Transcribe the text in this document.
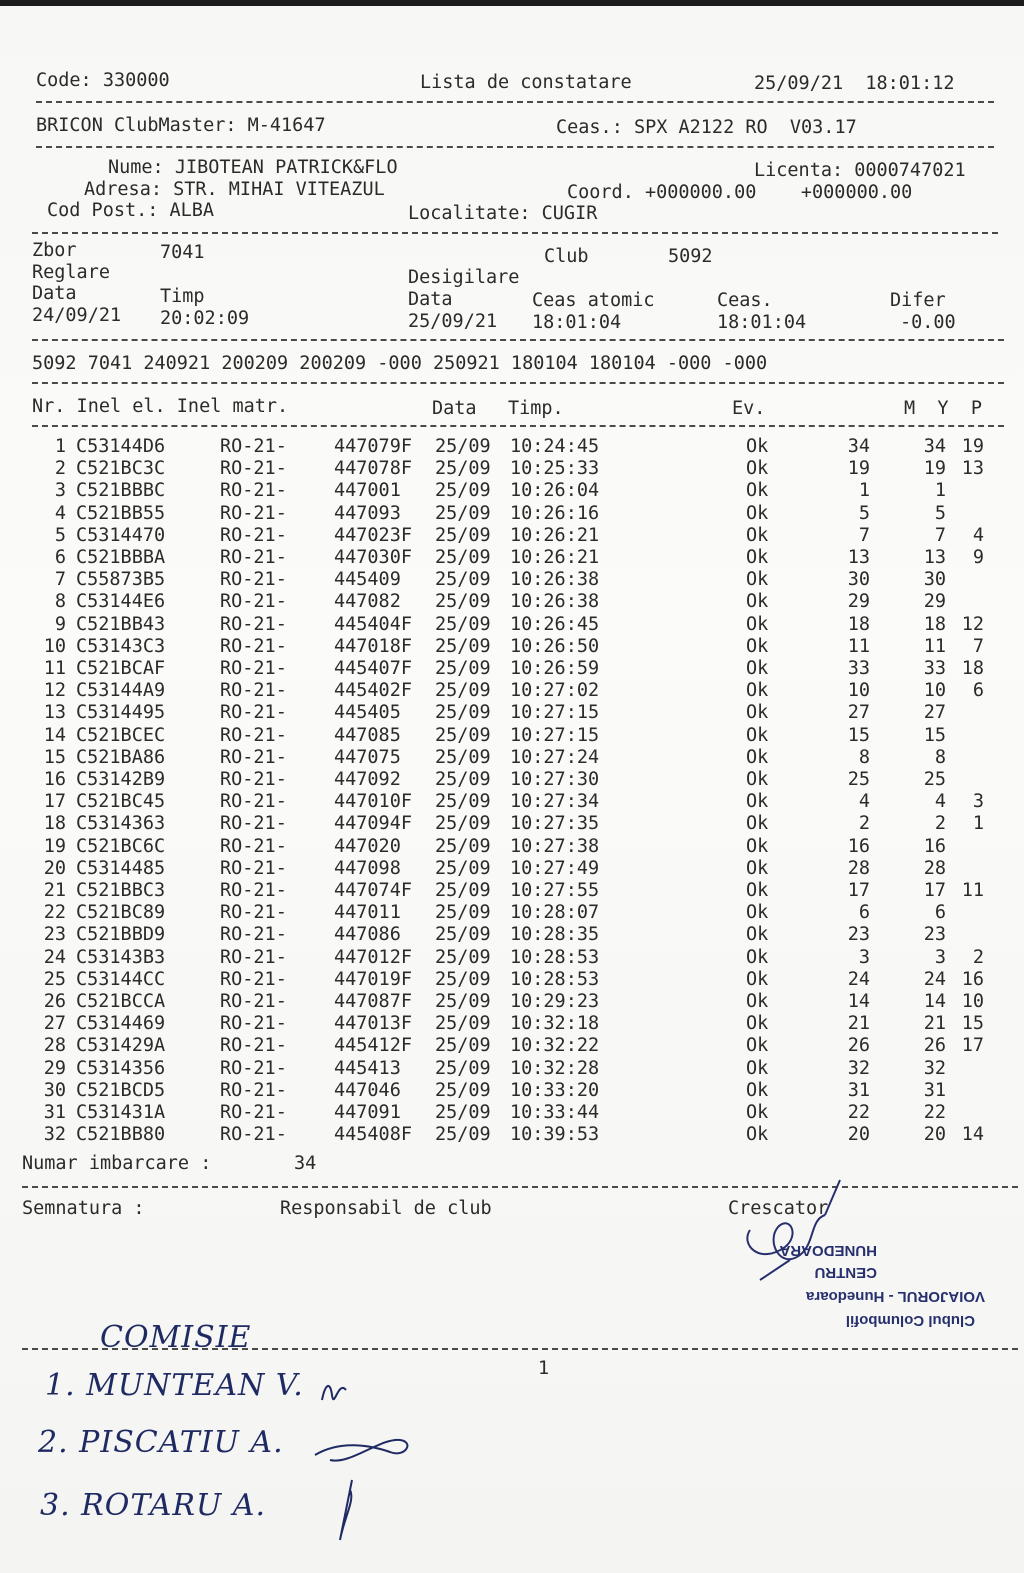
Code: 330000	Lista de constatare	25/09/21  18:01:12
BRICON ClubMaster: M-41647	Ceas.: SPX A2122 RO  V03.17
Nume: JIBOTEAN PATRICK&FLO	Licenta: 0000747021
Adresa: STR. MIHAI VITEAZUL	Coord. +000000.00    +000000.00
Cod Post.: ALBA	Localitate: CUGIR
Zbor	7041	Club	5092
Reglare	Desigilare
Data	Timp	Data	Ceas atomic	Ceas.	Difer
24/09/21 20:02:09	25/09/21 18:01:04	18:01:04	-0.00
5092 7041 240921 200209 200209 -000 250921 180104 180104 -000 -000
Nr. Inel el. Inel matr.	Data Timp.	Ev.	M  Y  P
1 C53144D6	RO-21-	447079F 25/09 10:24:45	Ok	34	34 19
2 C521BC3C	RO-21-	447078F 25/09 10:25:33	Ok	19	19 13
3 C521BBBC	RO-21-	447001 25/09 10:26:04	Ok	1	1
4 C521BB55	RO-21-	447093 25/09 10:26:16	Ok	5	5
5 C5314470	RO-21-	447023F 25/09 10:26:21	Ok	7	7 4
6 C521BBBA	RO-21-	447030F 25/09 10:26:21	Ok	13	13 9
7 C55873B5	RO-21-	445409 25/09 10:26:38	Ok	30	30
8 C53144E6	RO-21-	447082 25/09 10:26:38	Ok	29	29
9 C521BB43	RO-21-	445404F 25/09 10:26:45	Ok	18	18 12
10 C53143C3	RO-21-	447018F 25/09 10:26:50	Ok	11	11 7
11 C521BCAF	RO-21-	445407F 25/09 10:26:59	Ok	33	33 18
12 C53144A9	RO-21-	445402F 25/09 10:27:02	Ok	10	10 6
13 C5314495	RO-21-	445405 25/09 10:27:15	Ok	27	27
14 C521BCEC	RO-21-	447085 25/09 10:27:15	Ok	15	15
15 C521BA86	RO-21-	447075 25/09 10:27:24	Ok	8	8
16 C53142B9	RO-21-	447092 25/09 10:27:30	Ok	25	25
17 C521BC45	RO-21-	447010F 25/09 10:27:34	Ok	4	4 3
18 C5314363	RO-21-	447094F 25/09 10:27:35	Ok	2	2 1
19 C521BC6C	RO-21-	447020 25/09 10:27:38	Ok	16	16
20 C5314485	RO-21-	447098 25/09 10:27:49	Ok	28	28
21 C521BBC3	RO-21-	447074F 25/09 10:27:55	Ok	17	17 11
22 C521BC89	RO-21-	447011 25/09 10:28:07	Ok	6	6
23 C521BBD9	RO-21-	447086 25/09 10:28:35	Ok	23	23
24 C53143B3	RO-21-	447012F 25/09 10:28:53	Ok	3	3 2
25 C53144CC	RO-21-	447019F 25/09 10:28:53	Ok	24	24 16
26 C521BCCA	RO-21-	447087F 25/09 10:29:23	Ok	14	14 10
27 C5314469	RO-21-	447013F 25/09 10:32:18	Ok	21	21 15
28 C531429A	RO-21-	445412F 25/09 10:32:22	Ok	26	26 17
29 C5314356	RO-21-	445413 25/09 10:32:28	Ok	32	32
30 C521BCD5	RO-21-	447046 25/09 10:33:20	Ok	31	31
31 C531431A	RO-21-	447091 25/09 10:33:44	Ok	22	22
32 C521BB80	RO-21-	445408F 25/09 10:39:53	Ok	20	20 14
Numar imbarcare :	34
Semnatura :	Responsabil de club	Crescator
Clubul Columbofil
VOIAJORUL - Hunedoara
CENTRU
HUNEDOARA
1
COMISIE
1. MUNTEAN V.
2. PISCATIU A.
3. ROTARU A.
